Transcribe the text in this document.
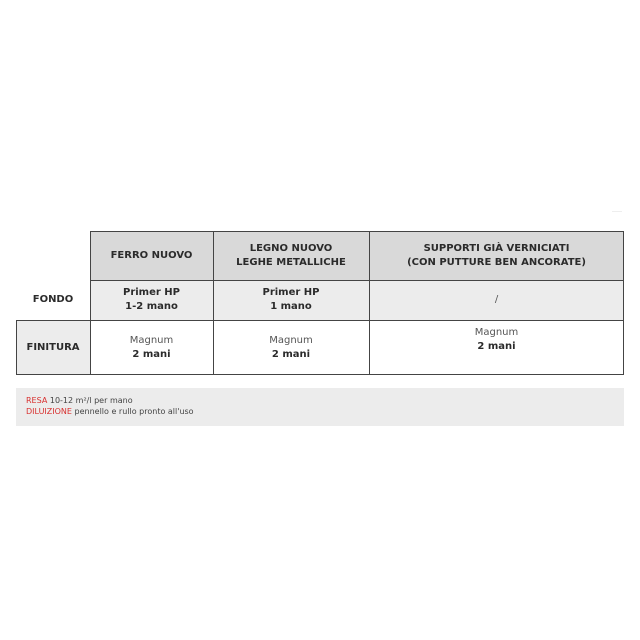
FERRO NUOVO
LEGNO NUOVO
LEGHE METALLICHE
SUPPORTI GIÀ VERNICIATI
(CON PUTTURE BEN ANCORATE)
FONDO
Primer HP
1-2 mano
Primer HP
1 mano
/
FINITURA
Magnum
2 mani
Magnum
2 mani
Magnum
2 mani
RESA 10-12 m²/l per mano
DILUIZIONE pennello e rullo pronto all'uso
